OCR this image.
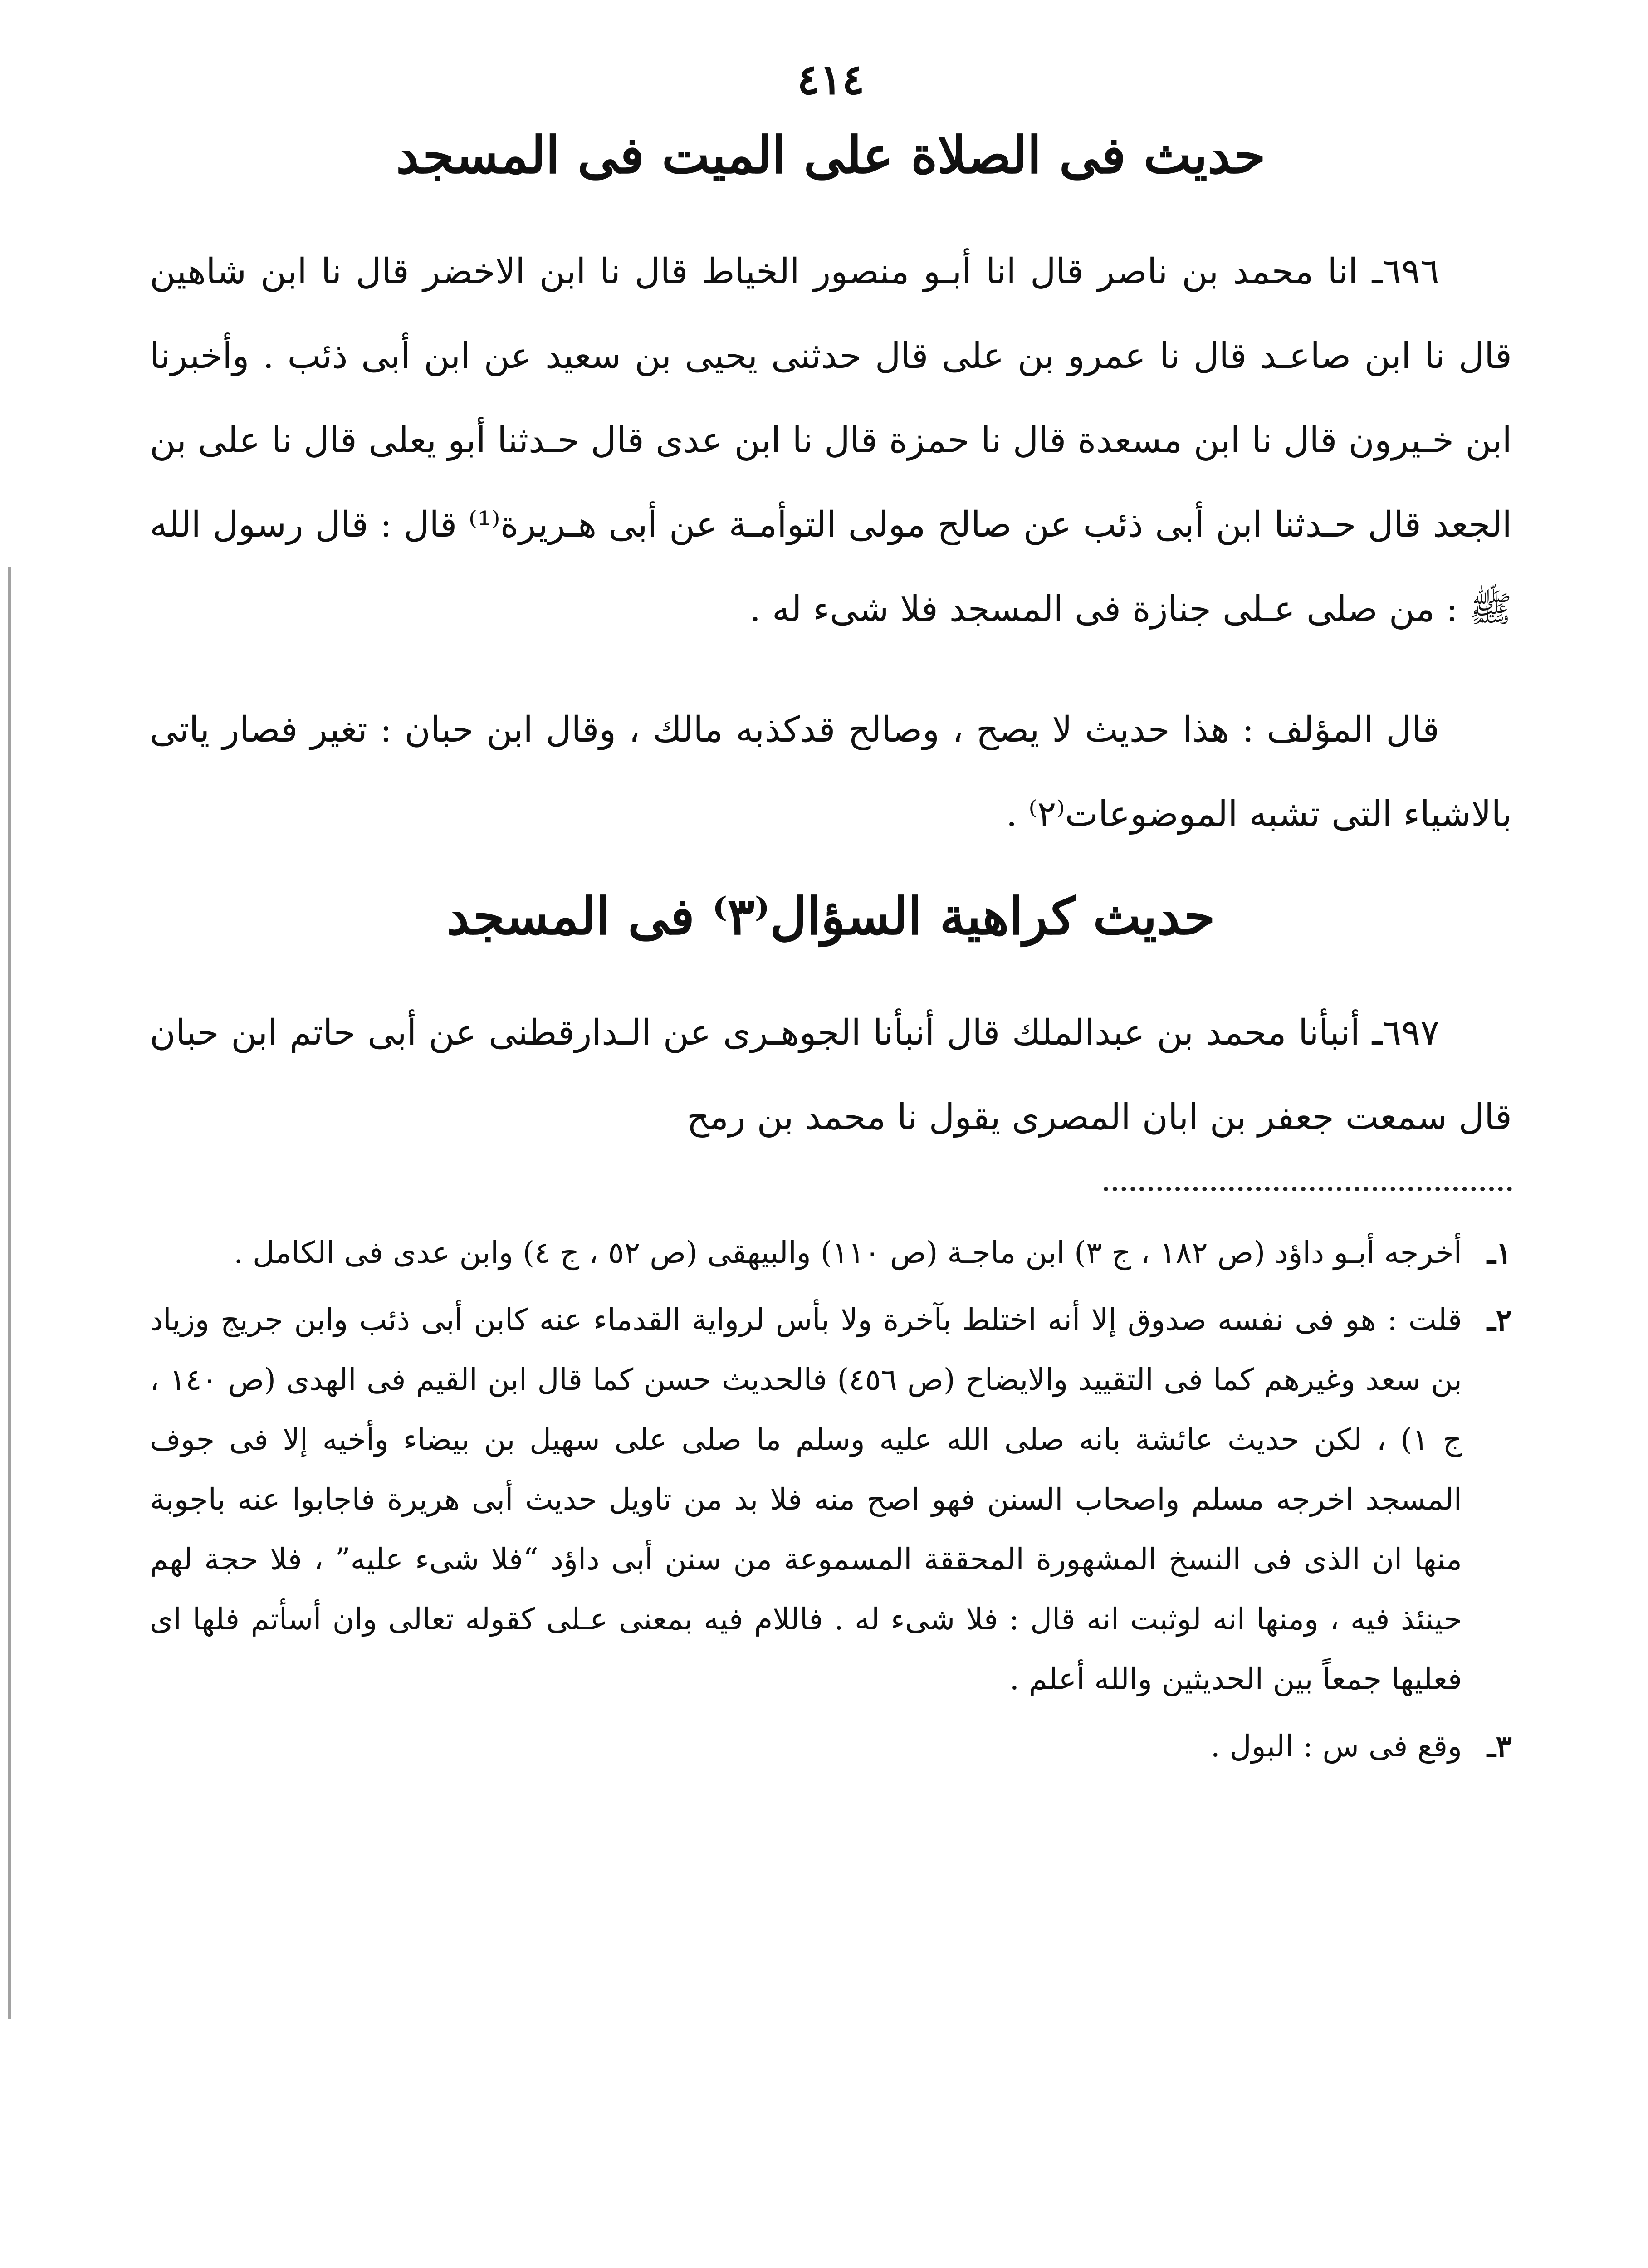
٤١٤
حديث فى الصلاة على الميت فى المسجد

٦٩٦ـ انا محمد بن ناصر قال انا أبـو منصور الخياط قال نا ابن الاخضر قال نا ابن شاهين قال نا ابن صاعـد قال نا عمرو بن على قال حدثنى يحيى بن سعيد عن ابن أبى ذئب . وأخبرنا ابن خـيرون قال نا ابن مسعدة قال نا حمزة قال نا ابن عدى قال حـدثنا أبو يعلى قال نا على بن الجعد قال حـدثنا ابن أبى ذئب عن صالح مولى التوأمـة عن أبى هـريرة⁽¹⁾ قال : قال رسول الله ﷺ : من صلى عـلى جنازة فى المسجد فلا شىء له .

قال المؤلف : هذا حديث لا يصح ، وصالح قدكذبه مالك ، وقال ابن حبان : تغير فصار ياتى بالاشياء التى تشبه الموضوعات⁽٢⁾ .

حديث كراهية السؤال⁽٣⁾ فى المسجد

٦٩٧ـ أنبأنا محمد بن عبدالملك قال أنبأنا الجوهـرى عن الـدارقطنى عن أبى حاتم ابن حبان قال سمعت جعفر بن ابان المصرى يقول نا محمد بن رمح

١ـ
أخرجه أبـو داؤد (ص ١٨٢ ، ج ٣) ابن ماجـة (ص ١١٠) والبيهقى (ص ٥٢ ، ج ٤) وابن عدى فى الكامل .
٢ـ
قلت : هو فى نفسه صدوق إلا أنه اختلط بآخرة ولا بأس لرواية القدماء عنه كابن أبى ذئب وابن جريج وزياد بن سعد وغيرهم كما فى التقييد والايضاح (ص ٤٥٦) فالحديث حسن كما قال ابن القيم فى الهدى (ص ١٤٠ ، ج ١) ، لكن حديث عائشة بانه صلى الله عليه وسلم ما صلى على سهيل بن بيضاء وأخيه إلا فى جوف المسجد اخرجه مسلم واصحاب السنن فهو اصح منه فلا بد من تاويل حديث أبى هريرة فاجابوا عنه باجوبة منها ان الذى فى النسخ المشهورة المحققة المسموعة من سنن أبى داؤد “فلا شىء عليه” ، فلا حجة لهم حينئذ فيه ، ومنها انه لوثبت انه قال : فلا شىء له . فاللام فيه بمعنى عـلى كقوله تعالى وان أسأتم فلها اى فعليها جمعاً بين الحديثين والله أعلم .
٣ـ
وقع فى س : البول .
